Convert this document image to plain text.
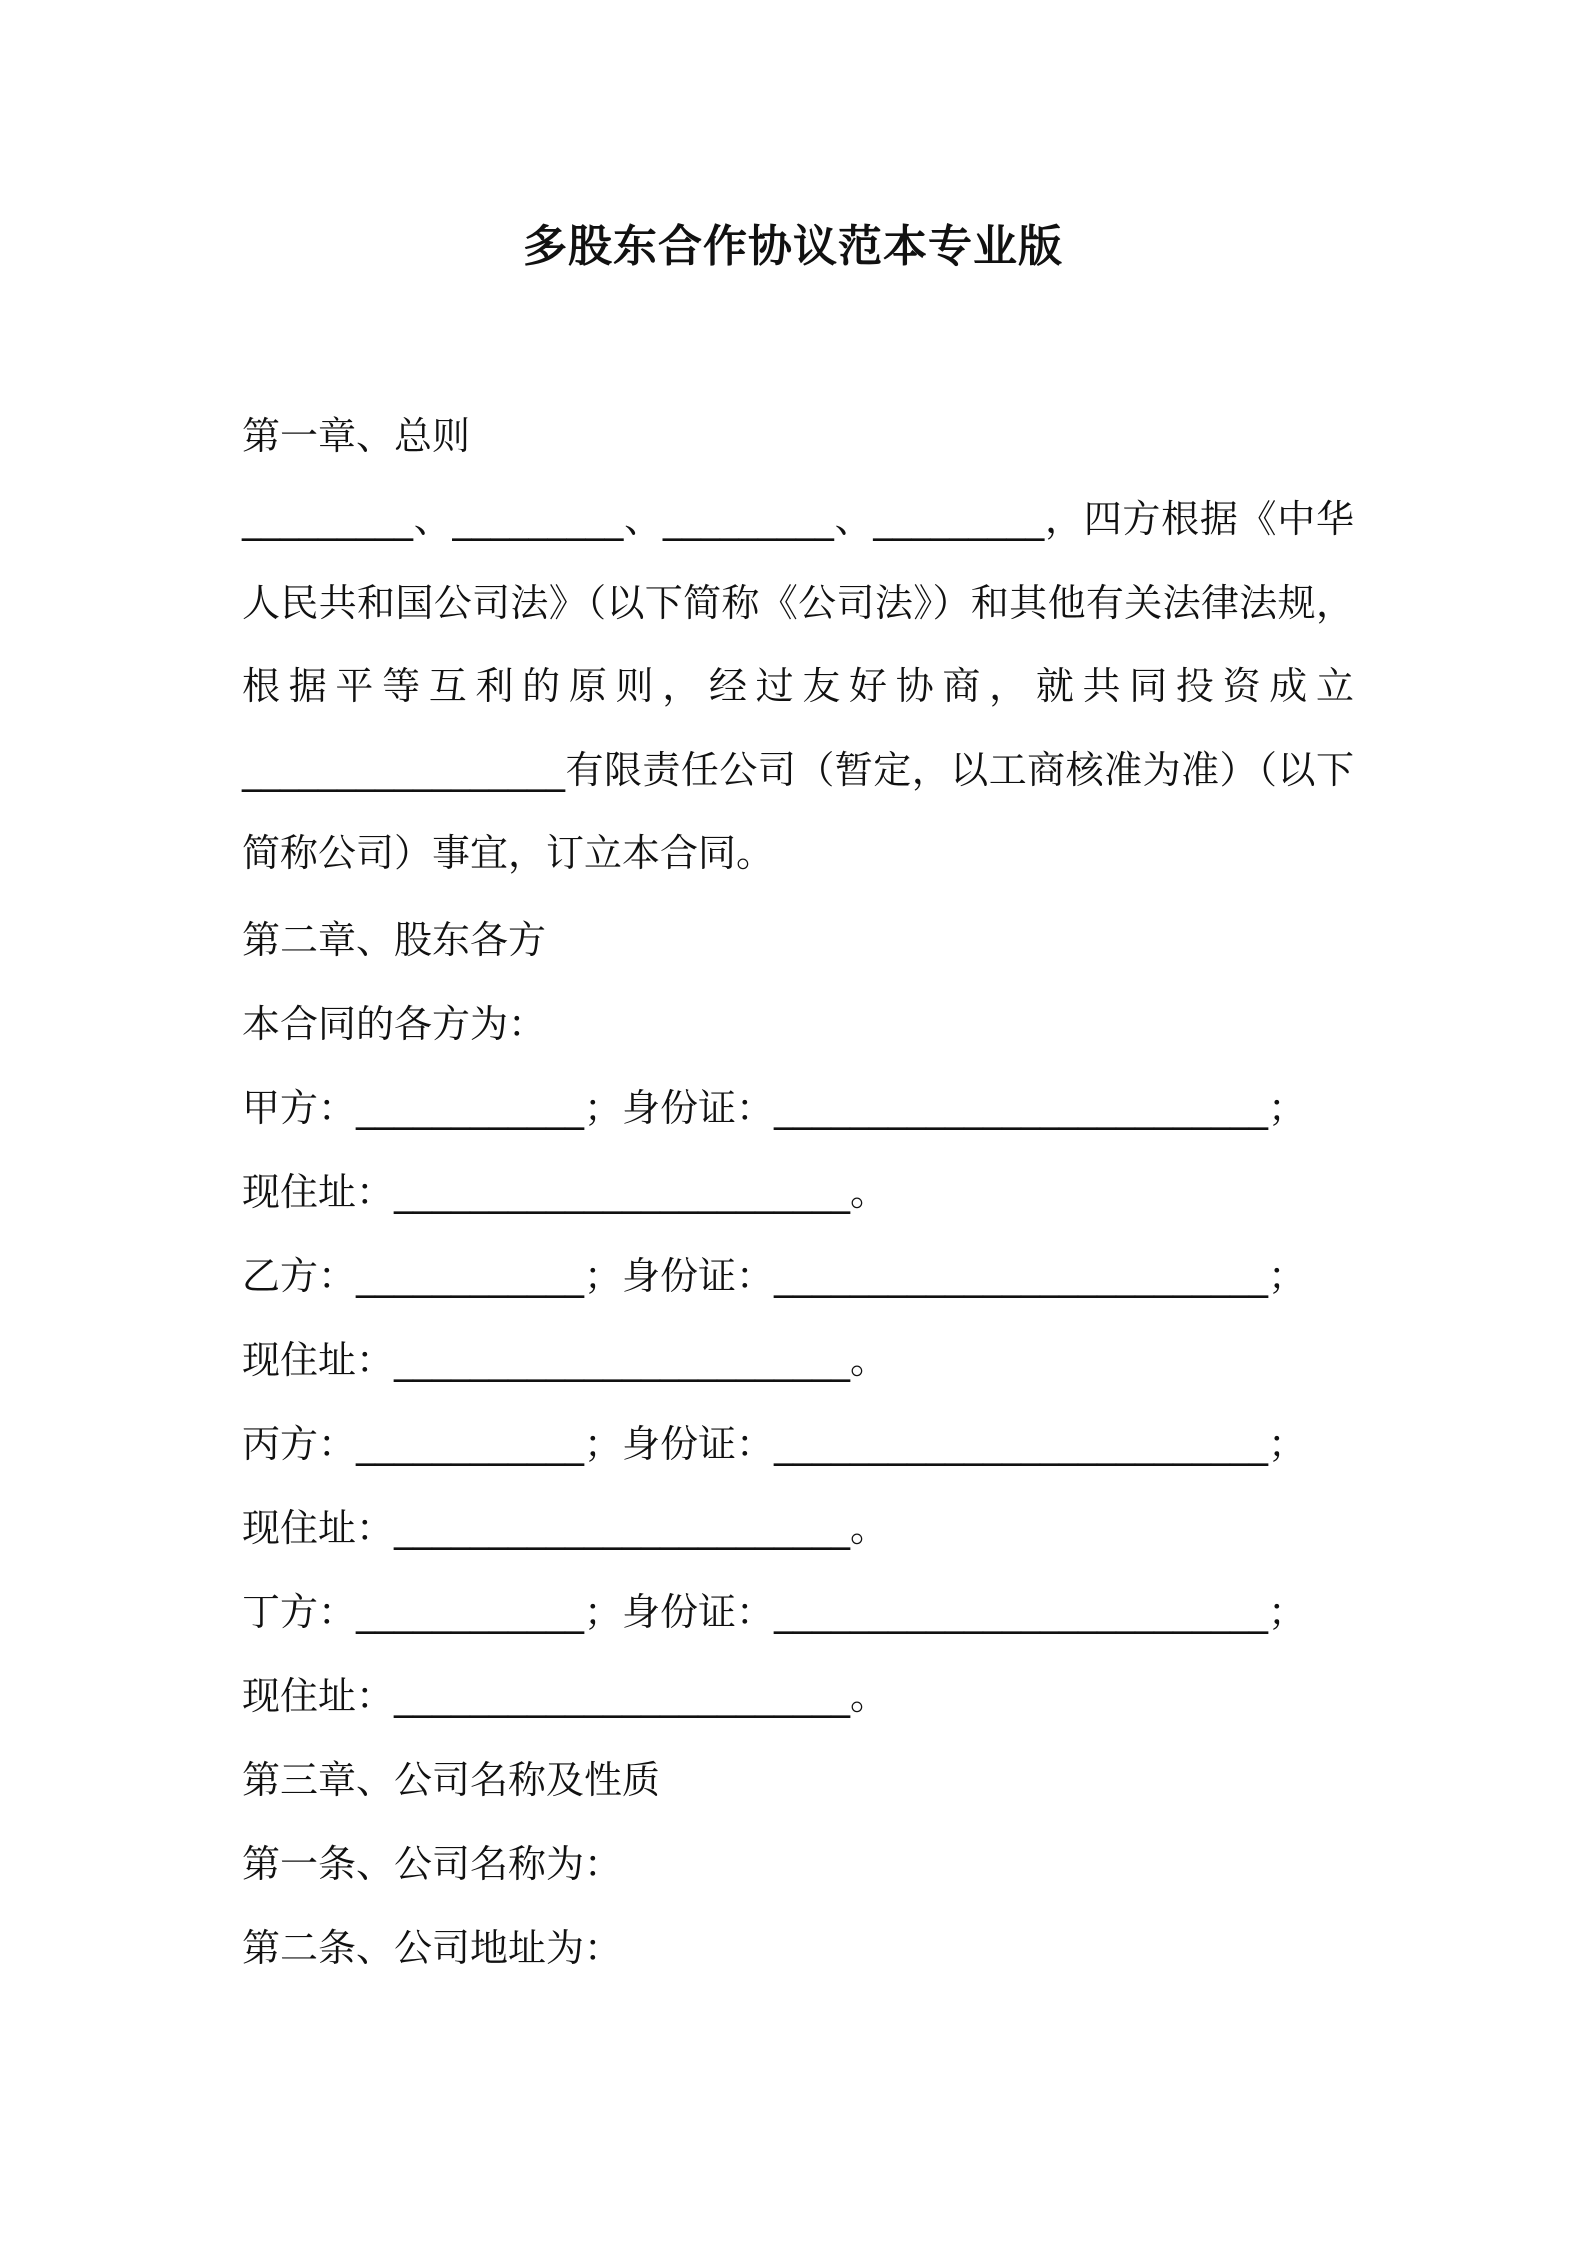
多股东合作协议范本专业版
第一章、总则
_________、_________、_________、_________，四方根据《中华人民共和国公司法》（以下简称《公司法》）和其他有关法律法规，根据平等互利的原则，经过友好协商，就共同投资成立_________________有限责任公司（暂定，以工商核准为准）（以下简称公司）事宜，订立本合同。
第二章、股东各方
本合同的各方为：
甲方：____________；身份证：__________________________；
现住址：________________________。
乙方：____________；身份证：__________________________；
现住址：________________________。
丙方：____________；身份证：__________________________；
现住址：________________________。
丁方：____________；身份证：__________________________；
现住址：________________________。
第三章、公司名称及性质
第一条、公司名称为：
第二条、公司地址为：
